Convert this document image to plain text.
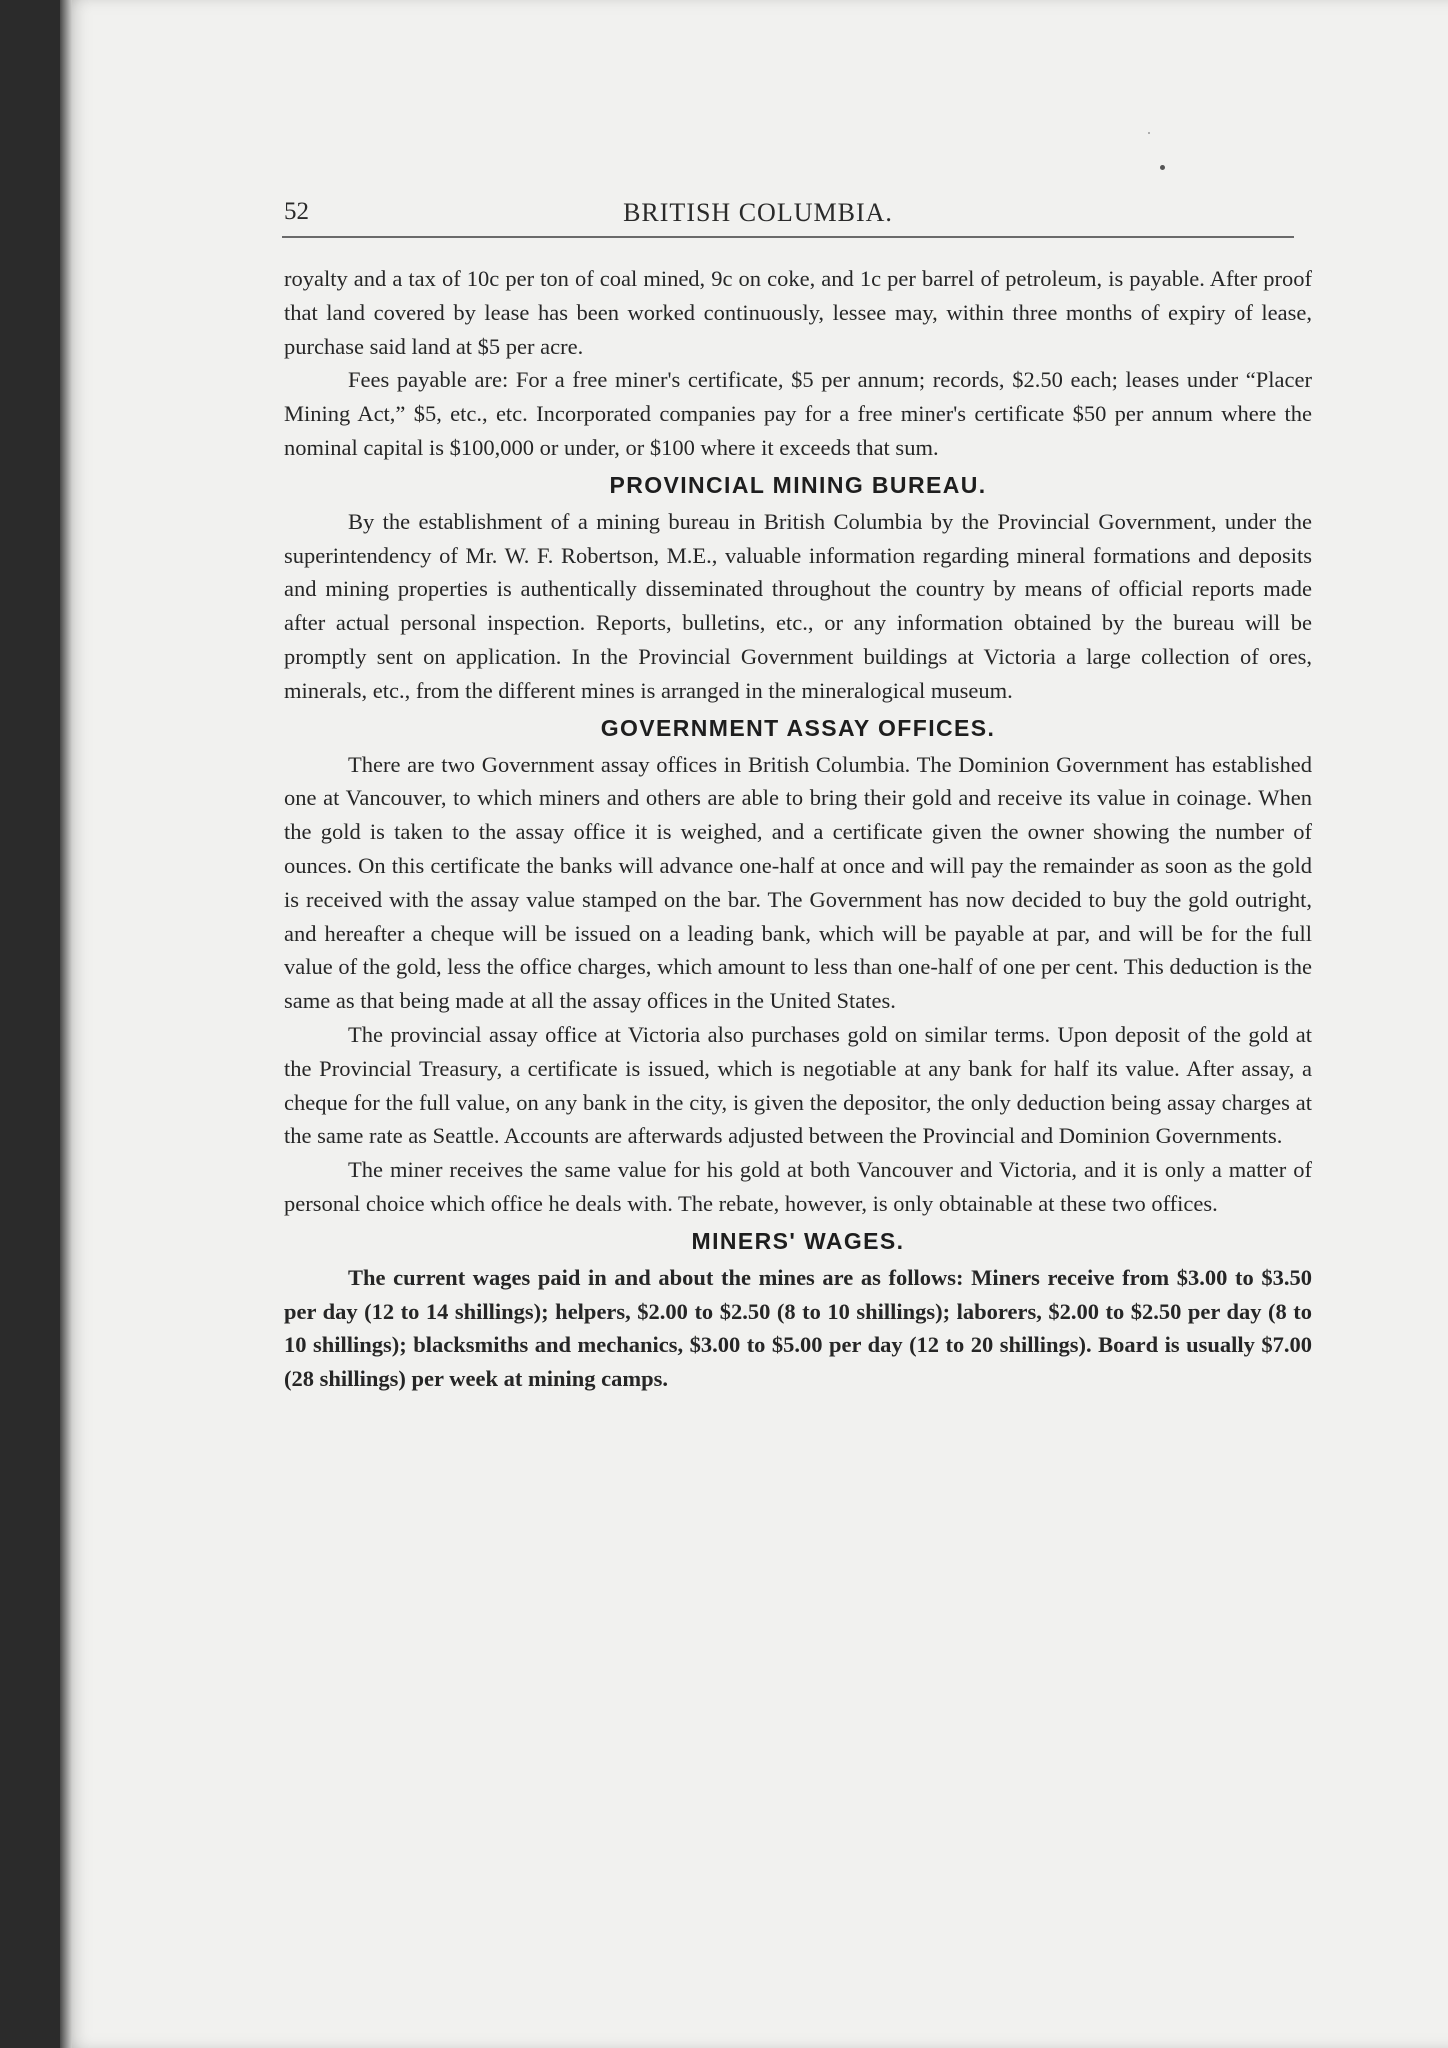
52	BRITISH COLUMBIA.

royalty and a tax of 10c per ton of coal mined, 9c on coke, and 1c per barrel of petroleum, is payable. After proof that land covered by lease has been worked continuously, lessee may, within three months of expiry of lease, purchase said land at $5 per acre.

Fees payable are: For a free miner's certificate, $5 per annum; records, $2.50 each; leases under “Placer Mining Act,” $5, etc., etc. Incorporated companies pay for a free miner's certificate $50 per annum where the nominal capital is $100,000 or under, or $100 where it exceeds that sum.

PROVINCIAL MINING BUREAU.

By the establishment of a mining bureau in British Columbia by the Provincial Government, under the superintendency of Mr. W. F. Robertson, M.E., valuable information regarding mineral formations and deposits and mining properties is authentically disseminated throughout the country by means of official reports made after actual personal inspection. Reports, bulletins, etc., or any information obtained by the bureau will be promptly sent on application. In the Provincial Government buildings at Victoria a large collection of ores, minerals, etc., from the different mines is arranged in the mineralogical museum.

GOVERNMENT ASSAY OFFICES.

There are two Government assay offices in British Columbia. The Dominion Government has established one at Vancouver, to which miners and others are able to bring their gold and receive its value in coinage. When the gold is taken to the assay office it is weighed, and a certificate given the owner showing the number of ounces. On this certificate the banks will advance one-half at once and will pay the remainder as soon as the gold is received with the assay value stamped on the bar. The Government has now decided to buy the gold outright, and hereafter a cheque will be issued on a leading bank, which will be payable at par, and will be for the full value of the gold, less the office charges, which amount to less than one-half of one per cent. This deduction is the same as that being made at all the assay offices in the United States.

The provincial assay office at Victoria also purchases gold on similar terms. Upon deposit of the gold at the Provincial Treasury, a certificate is issued, which is negotiable at any bank for half its value. After assay, a cheque for the full value, on any bank in the city, is given the depositor, the only deduction being assay charges at the same rate as Seattle. Accounts are afterwards adjusted between the Provincial and Dominion Governments.

The miner receives the same value for his gold at both Vancouver and Victoria, and it is only a matter of personal choice which office he deals with. The rebate, however, is only obtainable at these two offices.

MINERS' WAGES.

The current wages paid in and about the mines are as follows: Miners receive from $3.00 to $3.50 per day (12 to 14 shillings); helpers, $2.00 to $2.50 (8 to 10 shillings); laborers, $2.00 to $2.50 per day (8 to 10 shillings); blacksmiths and mechanics, $3.00 to $5.00 per day (12 to 20 shillings). Board is usually $7.00 (28 shillings) per week at mining camps.
